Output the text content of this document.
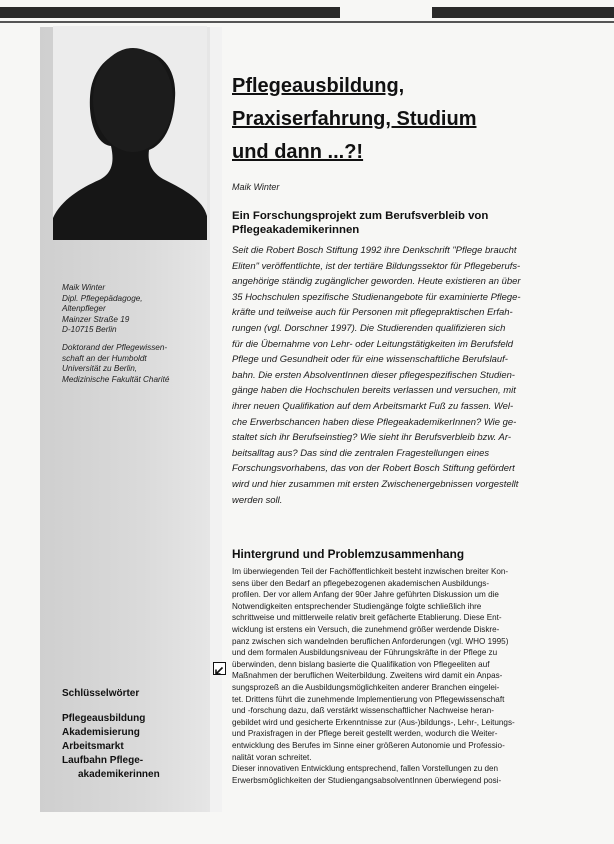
Maik Winter
Dipl. Pflegepädagoge,
Altenpfleger
Mainzer Straße 19
D-10715 Berlin
Doktorand der Pflegewissen-
schaft an der Humboldt
Universität zu Berlin,
Medizinische Fakultät Charité
Schlüsselwörter
Pflegeausbildung
Akademisierung
Arbeitsmarkt
Laufbahn Pflege-
akademikerinnen
Pflegeausbildung,
Praxiserfahrung, Studium
und dann ...?!
Maik Winter
Ein Forschungsprojekt zum Berufsverbleib von
Pflegeakademikerinnen
Seit die Robert Bosch Stiftung 1992 ihre Denkschrift "Pflege braucht
Eliten" veröffentlichte, ist der tertiäre Bildungssektor für Pflegeberufs-
angehörige ständig zugänglicher geworden. Heute existieren an über
35 Hochschulen spezifische Studienangebote für examinierte Pflege-
kräfte und teilweise auch für Personen mit pflegepraktischen Erfah-
rungen (vgl. Dorschner 1997). Die Studierenden qualifizieren sich
für die Übernahme von Lehr- oder Leitungstätigkeiten im Berufsfeld
Pflege und Gesundheit oder für eine wissenschaftliche Berufslauf-
bahn. Die ersten AbsolventInnen dieser pflegespezifischen Studien-
gänge haben die Hochschulen bereits verlassen und versuchen, mit
ihrer neuen Qualifikation auf dem Arbeitsmarkt Fuß zu fassen. Wel-
che Erwerbschancen haben diese PflegeakademikerInnen? Wie ge-
staltet sich ihr Berufseinstieg? Wie sieht ihr Berufsverbleib bzw. Ar-
beitsalltag aus? Das sind die zentralen Fragestellungen eines
Forschungsvorhabens, das von der Robert Bosch Stiftung gefördert
wird und hier zusammen mit ersten Zwischenergebnissen vorgestellt
werden soll.
Hintergrund und Problemzusammenhang
Im überwiegenden Teil der Fachöffentlichkeit besteht inzwischen breiter Kon-
sens über den Bedarf an pflegebezogenen akademischen Ausbildungs-
profilen. Der vor allem Anfang der 90er Jahre geführten Diskussion um die
Notwendigkeiten entsprechender Studiengänge folgte schließlich ihre
schrittweise und mittlerweile relativ breit gefächerte Etablierung. Diese Ent-
wicklung ist erstens ein Versuch, die zunehmend größer werdende Diskre-
panz zwischen sich wandelnden beruflichen Anforderungen (vgl. WHO 1995)
und dem formalen Ausbildungsniveau der Führungskräfte in der Pflege zu
überwinden, denn bislang basierte die Qualifikation von Pflegeeliten auf
Maßnahmen der beruflichen Weiterbildung. Zweitens wird damit ein Anpas-
sungsprozeß an die Ausbildungsmöglichkeiten anderer Branchen eingelei-
tet. Drittens führt die zunehmende Implementierung von Pflegewissenschaft
und -forschung dazu, daß verstärkt wissenschaftlicher Nachweise heran-
gebildet wird und gesicherte Erkenntnisse zur (Aus-)bildungs-, Lehr-, Leitungs-
und Praxisfragen in der Pflege bereit gestellt werden, wodurch die Weiter-
entwicklung des Berufes im Sinne einer größeren Autonomie und Professio-
nalität voran schreitet.
Dieser innovativen Entwicklung entsprechend, fallen Vorstellungen zu den
Erwerbsmöglichkeiten der StudiengangsabsolventInnen überwiegend posi-
